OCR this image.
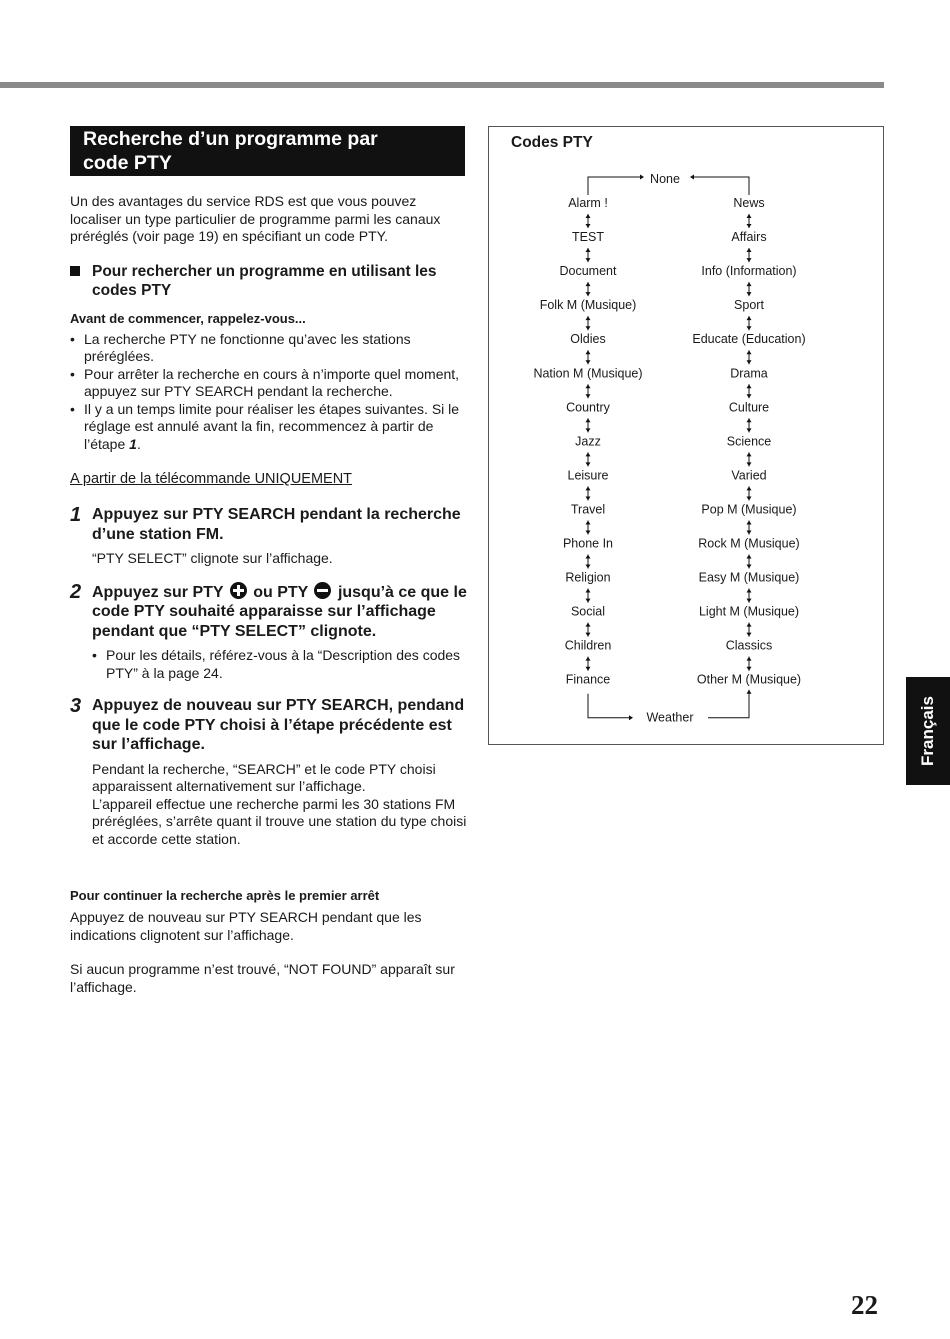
Recherche d’un programme par
code PTY

Un des avantages du service RDS est que vous pouvez localiser un type particulier de programme parmi les canaux préréglés (voir page 19) en spécifiant un code PTY.

Pour rechercher un programme en utilisant les codes PTY

Avant de commencer, rappelez-vous...

• La recherche PTY ne fonctionne qu’avec les stations préréglées.
• Pour arrêter la recherche en cours à n’importe quel moment, appuyez sur PTY SEARCH pendant la recherche.
• Il y a un temps limite pour réaliser les étapes suivantes. Si le réglage est annulé avant la fin, recommencez à partir de l’étape 1.

A partir de la télécommande UNIQUEMENT

1 Appuyez sur PTY SEARCH pendant la recherche d’une station FM.
“PTY SELECT” clignote sur l’affichage.
2 Appuyez sur PTY ou PTY jusqu’à ce que le code PTY souhaité apparaisse sur l’affichage pendant que “PTY SELECT” clignote.
• Pour les détails, référez-vous à la “Description des codes PTY” à la page 24.
3 Appuyez de nouveau sur PTY SEARCH, pendand que le code PTY choisi à l’étape précédente est sur l’affichage.
Pendant la recherche, “SEARCH” et le code PTY choisi apparaissent alternativement sur l’affichage.
L’appareil effectue une recherche parmi les 30 stations FM préréglées, s’arrête quant il trouve une station du type choisi et accorde cette station.

Pour continuer la recherche après le premier arrêt

Appuyez de nouveau sur PTY SEARCH pendant que les indications clignotent sur l’affichage.

Si aucun programme n’est trouvé, “NOT FOUND” apparaît sur l’affichage.

Codes PTY
None
Alarm !
TEST
Document
Folk M (Musique)
Oldies
Nation M (Musique)
Country
Jazz
Leisure
Travel
Phone In
Religion
Social
Children
Finance
News
Affairs
Info (Information)
Sport
Educate (Education)
Drama
Culture
Science
Varied
Pop M (Musique)
Rock M (Musique)
Easy M (Musique)
Light M (Musique)
Classics
Other M (Musique)
Weather	Français
22
